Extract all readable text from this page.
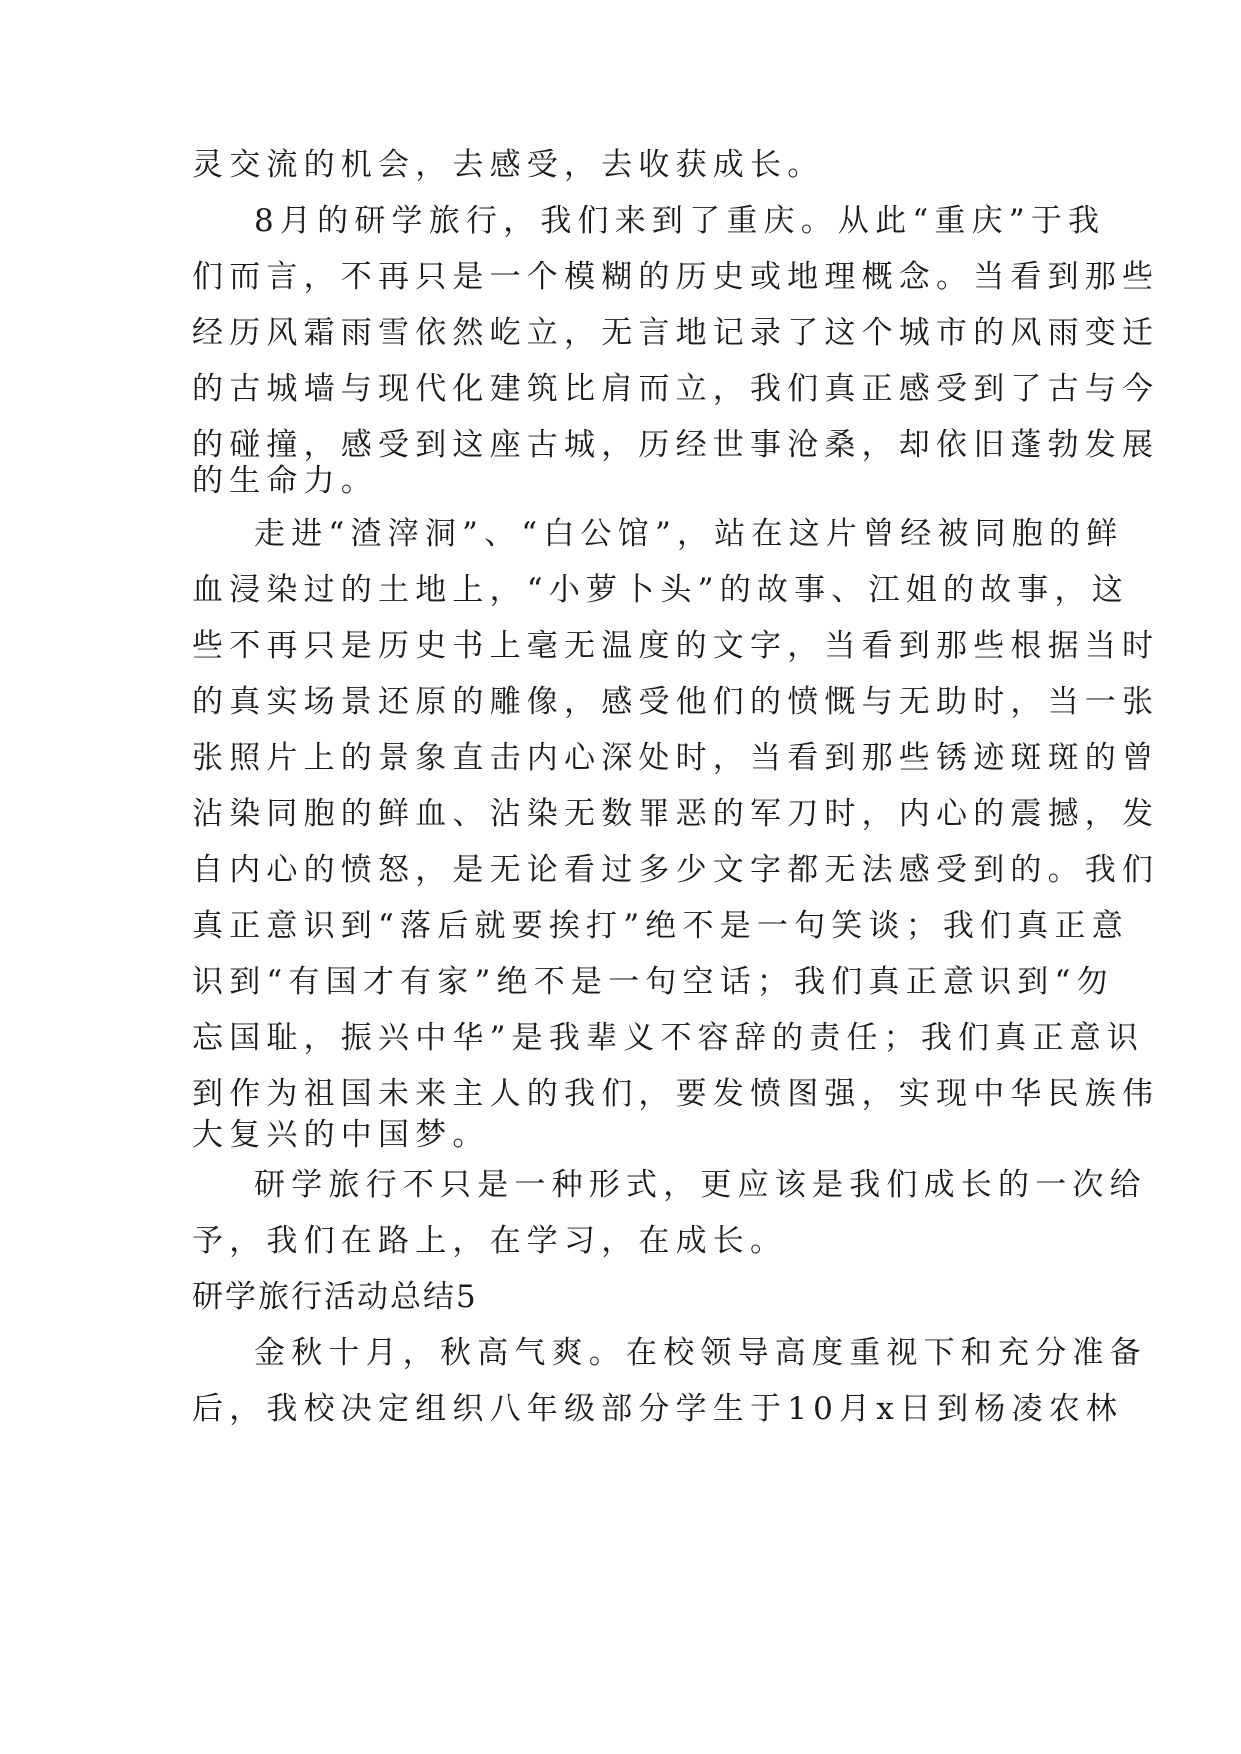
灵交流的机会，去感受，去收获成长。
8月的研学旅行，我们来到了重庆。从此“重庆”于我
们而言，不再只是一个模糊的历史或地理概念。当看到那些
经历风霜雨雪依然屹立，无言地记录了这个城市的风雨变迁
的古城墙与现代化建筑比肩而立，我们真正感受到了古与今
的碰撞，感受到这座古城，历经世事沧桑，却依旧蓬勃发展
的生命力。
走进“渣滓洞”、“白公馆”，站在这片曾经被同胞的鲜
血浸染过的土地上，“小萝卜头”的故事、江姐的故事，这
些不再只是历史书上毫无温度的文字，当看到那些根据当时
的真实场景还原的雕像，感受他们的愤慨与无助时，当一张
张照片上的景象直击内心深处时，当看到那些锈迹斑斑的曾
沾染同胞的鲜血、沾染无数罪恶的军刀时，内心的震撼，发
自内心的愤怒，是无论看过多少文字都无法感受到的。我们
真正意识到“落后就要挨打”绝不是一句笑谈；我们真正意
识到“有国才有家”绝不是一句空话；我们真正意识到“勿
忘国耻，振兴中华”是我辈义不容辞的责任；我们真正意识
到作为祖国未来主人的我们，要发愤图强，实现中华民族伟
大复兴的中国梦。
研学旅行不只是一种形式，更应该是我们成长的一次给
予，我们在路上，在学习，在成长。
研学旅行活动总结5
金秋十月，秋高气爽。在校领导高度重视下和充分准备
后，我校决定组织八年级部分学生于10月x日到杨凌农林
